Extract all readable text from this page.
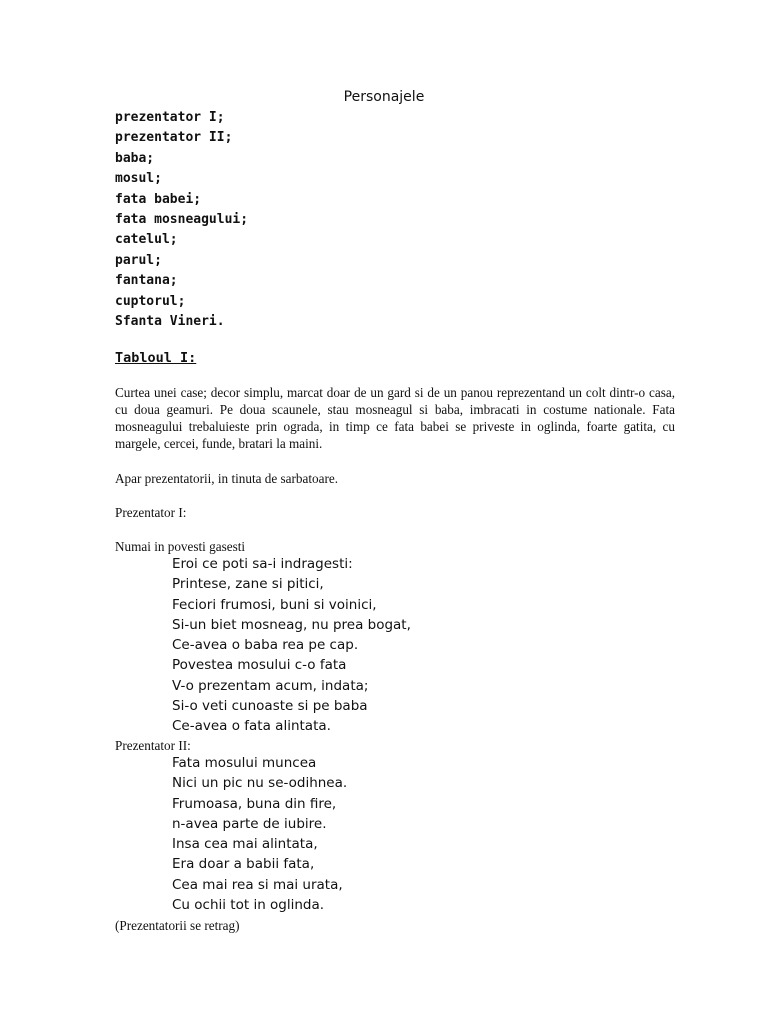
Personajele
prezentator I;
prezentator II;
baba;
mosul;
fata babei;
fata mosneagului;
catelul;
parul;
fantana;
cuptorul;
Sfanta Vineri.
Tabloul I:

Curtea unei case; decor simplu, marcat doar de un gard si de un panou reprezentand un colt dintr-o casa, cu doua geamuri. Pe doua scaunele, stau mosneagul si baba, imbracati in costume nationale. Fata mosneagului trebaluieste prin ograda, in timp ce fata babei se priveste in oglinda, foarte gatita, cu margele, cercei, funde, bratari la maini.

Apar prezentatorii, in tinuta de sarbatoare.

Prezentator I:

Numai in povesti gasesti

Eroi ce poti sa-i indragesti:
Printese, zane si pitici,
Feciori frumosi, buni si voinici,
Si-un biet mosneag, nu prea bogat,
Ce-avea o baba rea pe cap.
Povestea mosului c-o fata
V-o prezentam acum, indata;
Si-o veti cunoaste si pe baba
Ce-avea o fata alintata.

Prezentator II:

Fata mosului muncea
Nici un pic nu se-odihnea.
Frumoasa, buna din fire,
n-avea parte de iubire.
Insa cea mai alintata,
Era doar a babii fata,
Cea mai rea si mai urata,
Cu ochii tot in oglinda.

(Prezentatorii se retrag)
